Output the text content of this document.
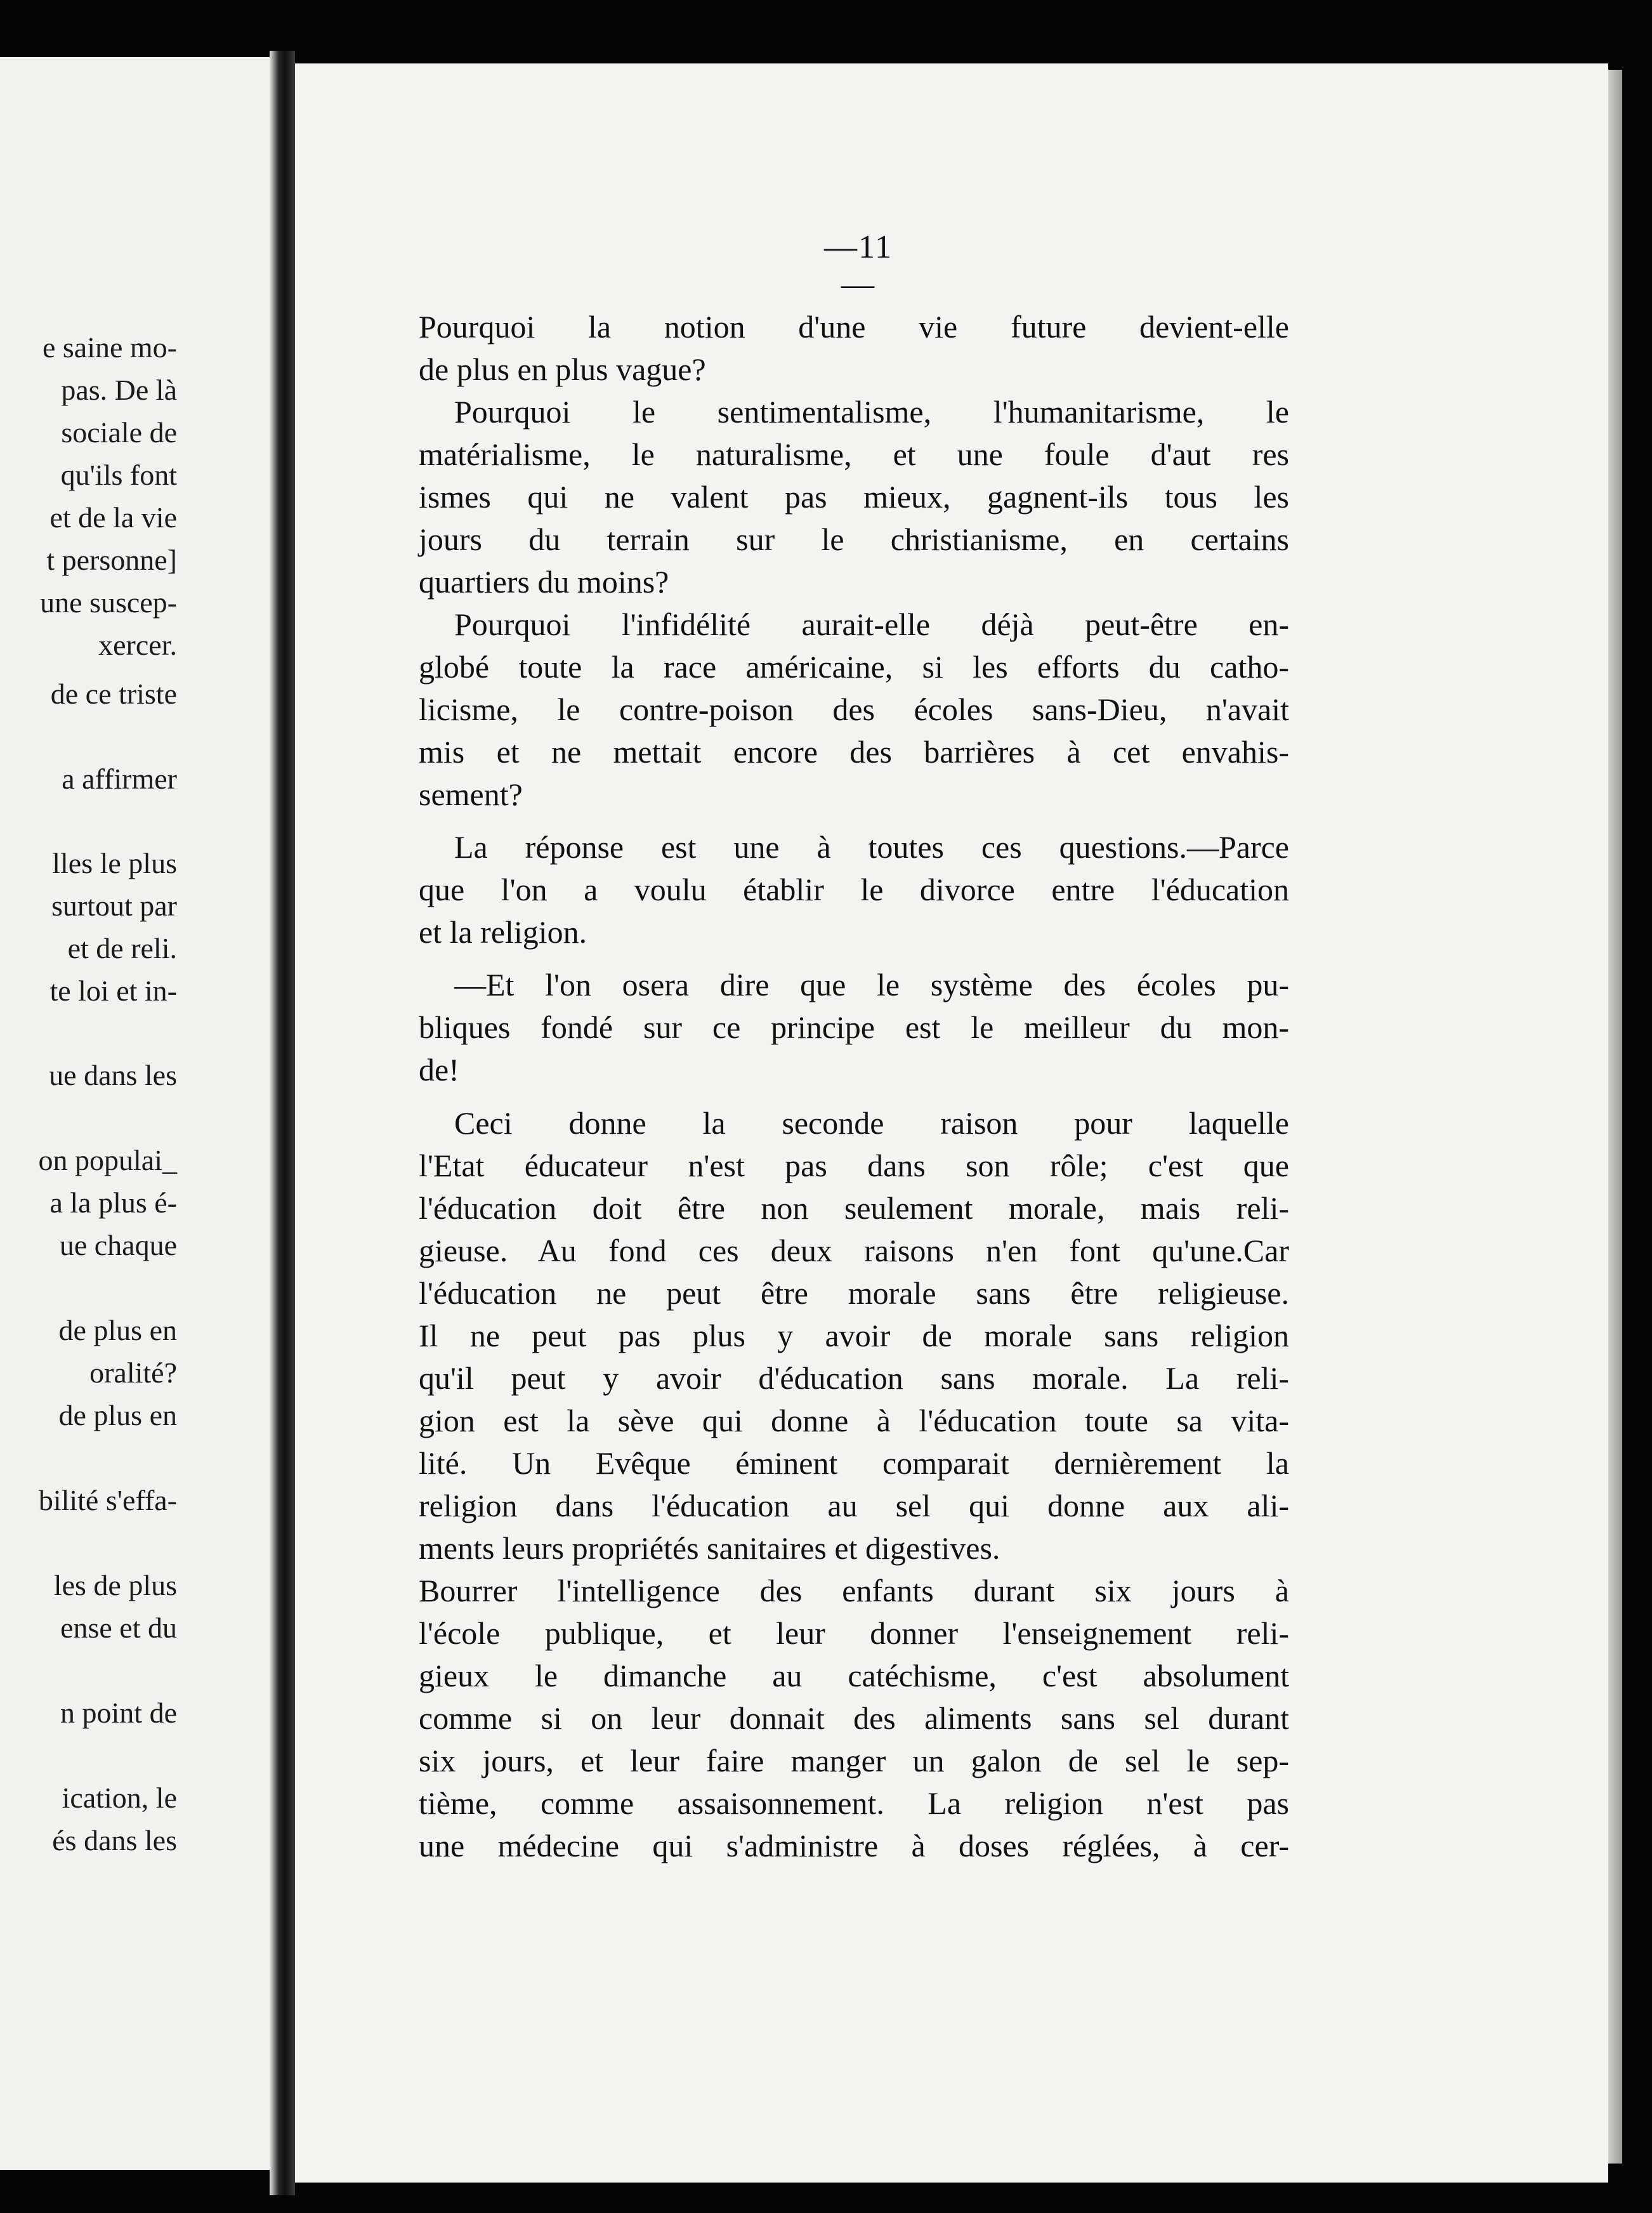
e saine mo-
pas. De là
sociale de
qu'ils font
et de la vie
t personne]
une suscep-
xercer.
de ce triste
a affirmer
lles le plus
surtout par
et de reli.
te loi et in-
ue dans les
on populai_
a la plus é-
ue chaque
de plus en
oralité?
de plus en
bilité s'effa-
les de plus
ense et du
n point de
ication, le
és dans les
—11—
Pourquoi la notion d'une vie future devient-elle
de plus en plus vague?
Pourquoi le sentimentalisme, l'humanitarisme, le
matérialisme, le naturalisme, et une foule d'aut res
ismes qui ne valent pas mieux, gagnent-ils tous les
jours du terrain sur le christianisme, en certains
quartiers du moins?
Pourquoi l'infidélité aurait-elle déjà peut-être en-
globé toute la race américaine, si les efforts du catho-
licisme, le contre-poison des écoles sans-Dieu, n'avait
mis et ne mettait encore des barrières à cet envahis-
sement?
La réponse est une à toutes ces questions.—Parce
que l'on a voulu établir le divorce entre l'éducation
et la religion.
—Et l'on osera dire que le système des écoles pu-
bliques fondé sur ce principe est le meilleur du mon-
de!
Ceci donne la seconde raison pour laquelle
l'Etat éducateur n'est pas dans son rôle; c'est que
l'éducation doit être non seulement morale, mais reli-
gieuse. Au fond ces deux raisons n'en font qu'une.Car
l'éducation ne peut être morale sans être religieuse.
Il ne peut pas plus y avoir de morale sans religion
qu'il peut y avoir d'éducation sans morale. La reli-
gion est la sève qui donne à l'éducation toute sa vita-
lité. Un Evêque éminent comparait dernièrement la
religion dans l'éducation au sel qui donne aux ali-
ments leurs propriétés sanitaires et digestives.
Bourrer l'intelligence des enfants durant six jours à
l'école publique, et leur donner l'enseignement reli-
gieux le dimanche au catéchisme, c'est absolument
comme si on leur donnait des aliments sans sel durant
six jours, et leur faire manger un galon de sel le sep-
tième, comme assaisonnement. La religion n'est pas
une médecine qui s'administre à doses réglées, à cer-
